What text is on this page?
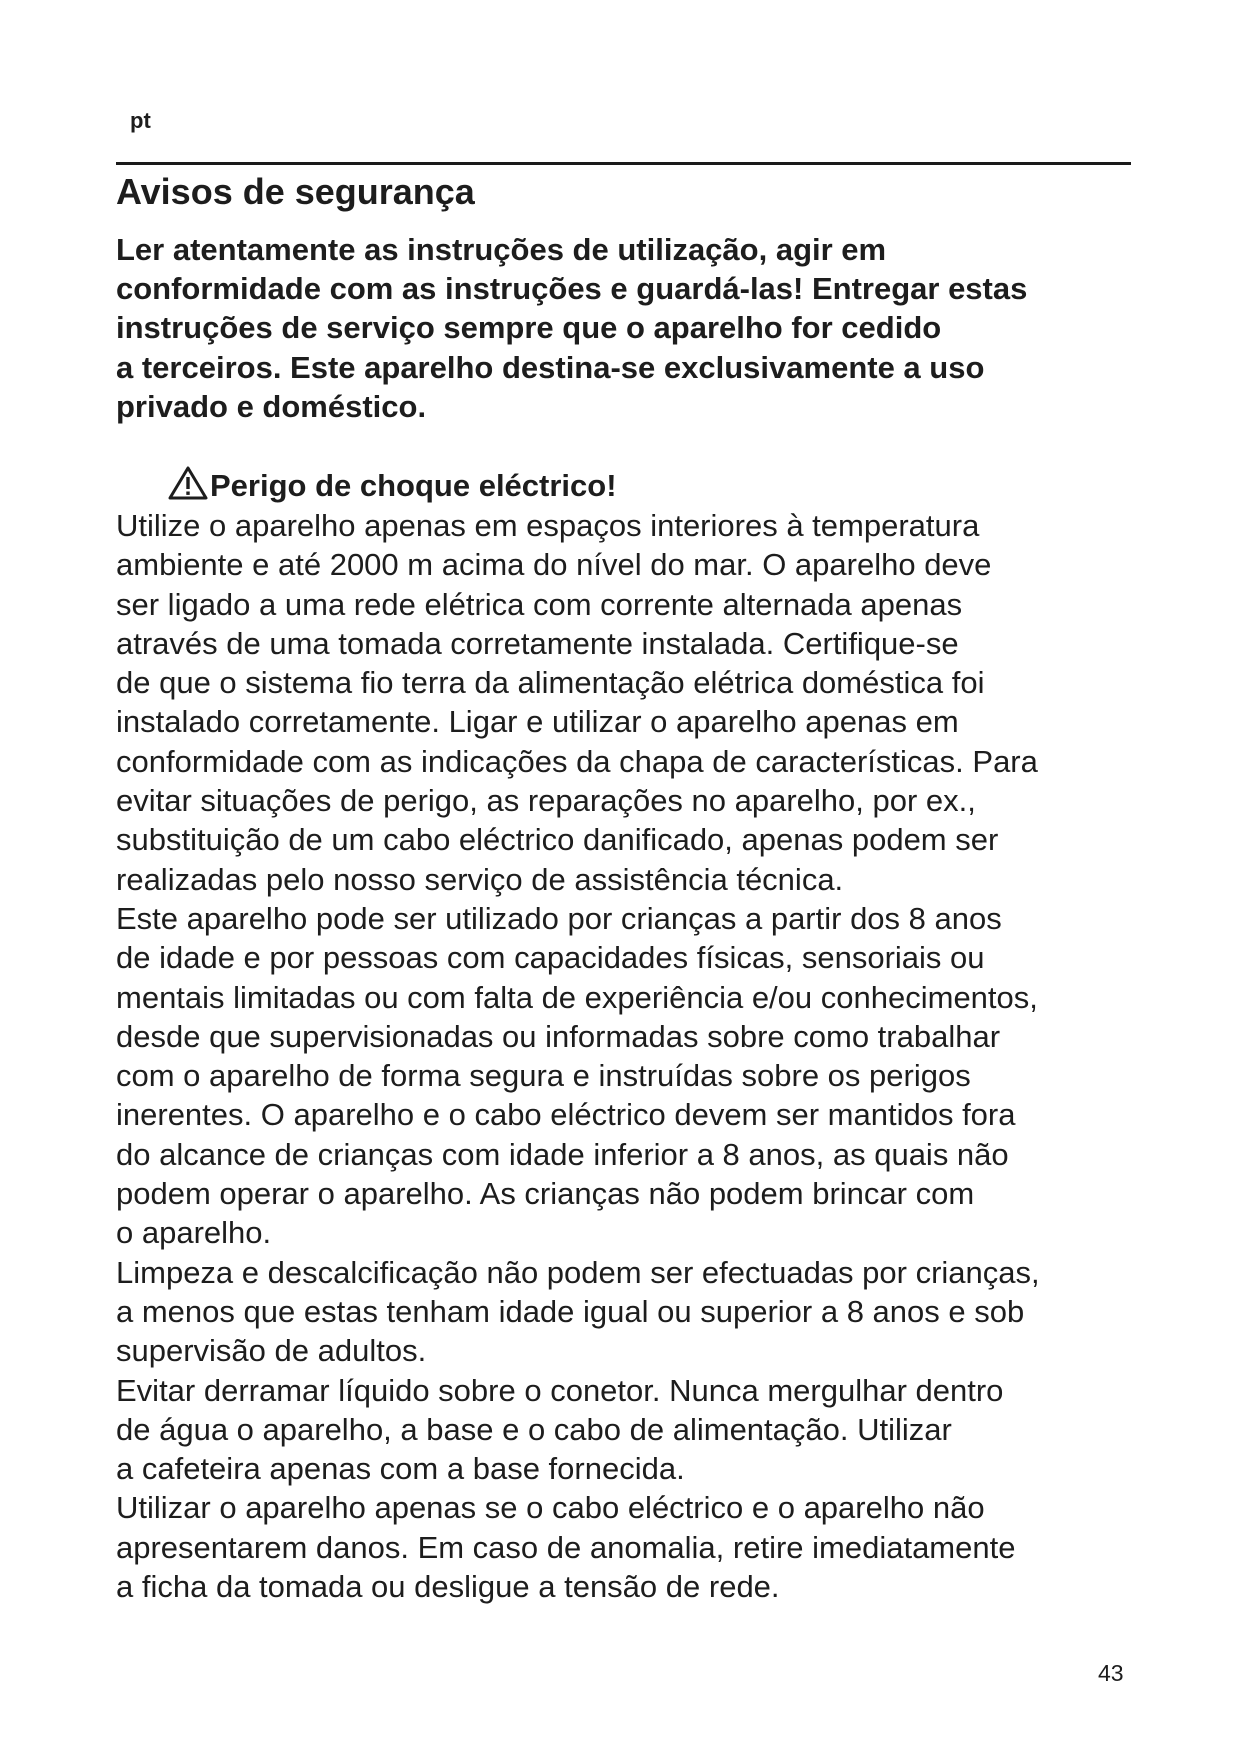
pt
Avisos de segurança
Ler atentamente as instruções de utilização, agir em
conformidade com as instruções e guardá-las! Entregar estas
instruções de serviço sempre que o aparelho for cedido
a terceiros. Este aparelho destina-se exclusivamente a uso
privado e doméstico.
Perigo de choque eléctrico!
Utilize o aparelho apenas em espaços interiores à temperatura
ambiente e até 2000 m acima do nível do mar. O aparelho deve
ser ligado a uma rede elétrica com corrente alternada apenas
através de uma tomada corretamente instalada. Certifique-se
de que o sistema fio terra da alimentação elétrica doméstica foi
instalado corretamente. Ligar e utilizar o aparelho apenas em
conformidade com as indicações da chapa de características. Para
evitar situações de perigo, as reparações no aparelho, por ex.,
substituição de um cabo eléctrico danificado, apenas podem ser
realizadas pelo nosso serviço de assistência técnica.
Este aparelho pode ser utilizado por crianças a partir dos 8 anos
de idade e por pessoas com capacidades físicas, sensoriais ou
mentais limitadas ou com falta de experiência e/ou conhecimentos,
desde que supervisionadas ou informadas sobre como trabalhar
com o aparelho de forma segura e instruídas sobre os perigos
inerentes. O aparelho e o cabo eléctrico devem ser mantidos fora
do alcance de crianças com idade inferior a 8 anos, as quais não
podem operar o aparelho. As crianças não podem brincar com
o aparelho.
Limpeza e descalcificação não podem ser efectuadas por crianças,
a menos que estas tenham idade igual ou superior a 8 anos e sob
supervisão de adultos.
Evitar derramar líquido sobre o conetor. Nunca mergulhar dentro
de água o aparelho, a base e o cabo de alimentação. Utilizar
a cafeteira apenas com a base fornecida.
Utilizar o aparelho apenas se o cabo eléctrico e o aparelho não
apresentarem danos. Em caso de anomalia, retire imediatamente
a ficha da tomada ou desligue a tensão de rede.
43
